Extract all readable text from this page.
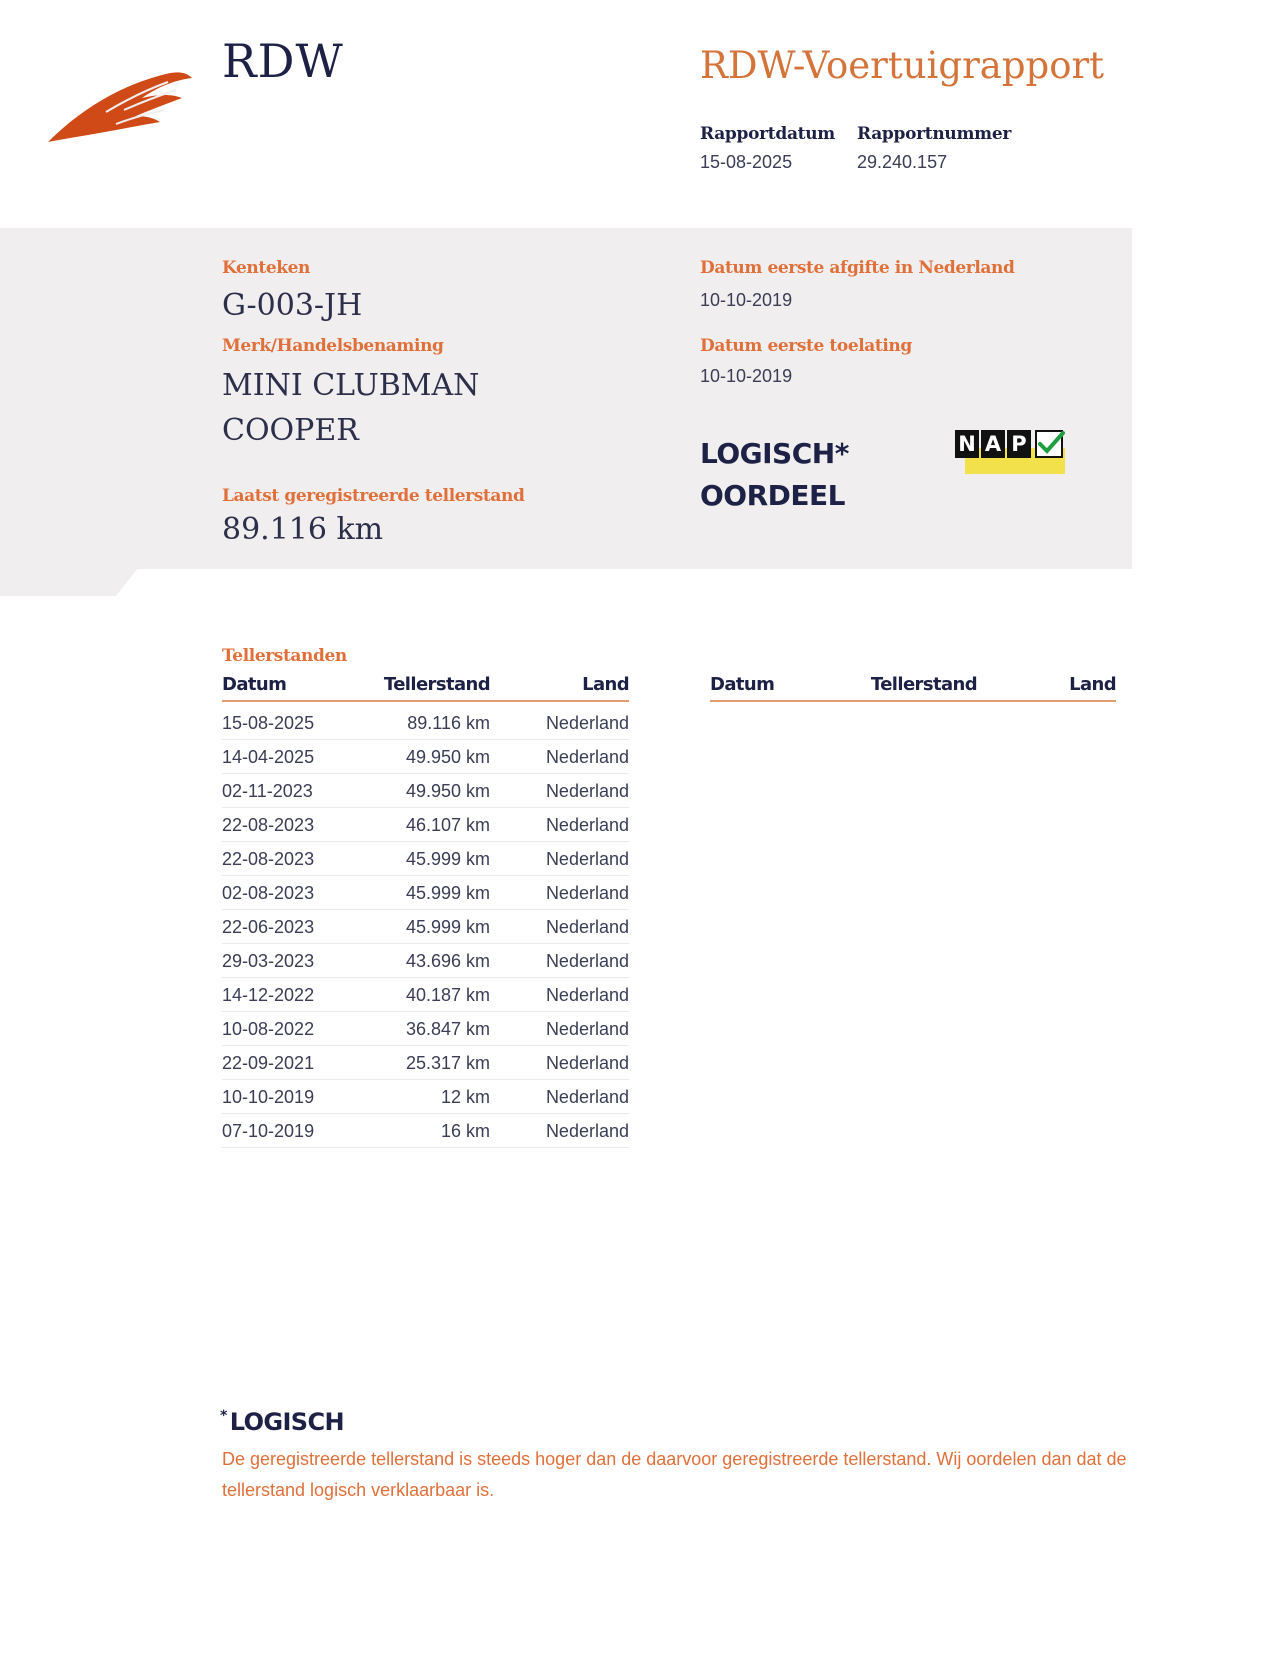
RDW	RDW-Voertuigrapport
Rapportdatum
15-08-2025
Rapportnummer
29.240.157
Kenteken
G-003-JH
Merk/Handelsbenaming
MINI CLUBMAN
COOPER
Laatst geregistreerde tellerstand
89.116 km
Datum eerste afgifte in Nederland
10-10-2019
Datum eerste toelating
10-10-2019
LOGISCH*
OORDEEL
N A P
Tellerstanden
Datum	Tellerstand	Land	Datum	Tellerstand	Land
15-08-2025	89.116 km	Nederland
14-04-2025	49.950 km	Nederland
02-11-2023	49.950 km	Nederland
22-08-2023	46.107 km	Nederland
22-08-2023	45.999 km	Nederland
02-08-2023	45.999 km	Nederland
22-06-2023	45.999 km	Nederland
29-03-2023	43.696 km	Nederland
14-12-2022	40.187 km	Nederland
10-08-2022	36.847 km	Nederland
22-09-2021	25.317 km	Nederland
10-10-2019	12 km	Nederland
07-10-2019	16 km	Nederland
* LOGISCH
De geregistreerde tellerstand is steeds hoger dan de daarvoor geregistreerde tellerstand. Wij oordelen dan dat de tellerstand logisch verklaarbaar is.
